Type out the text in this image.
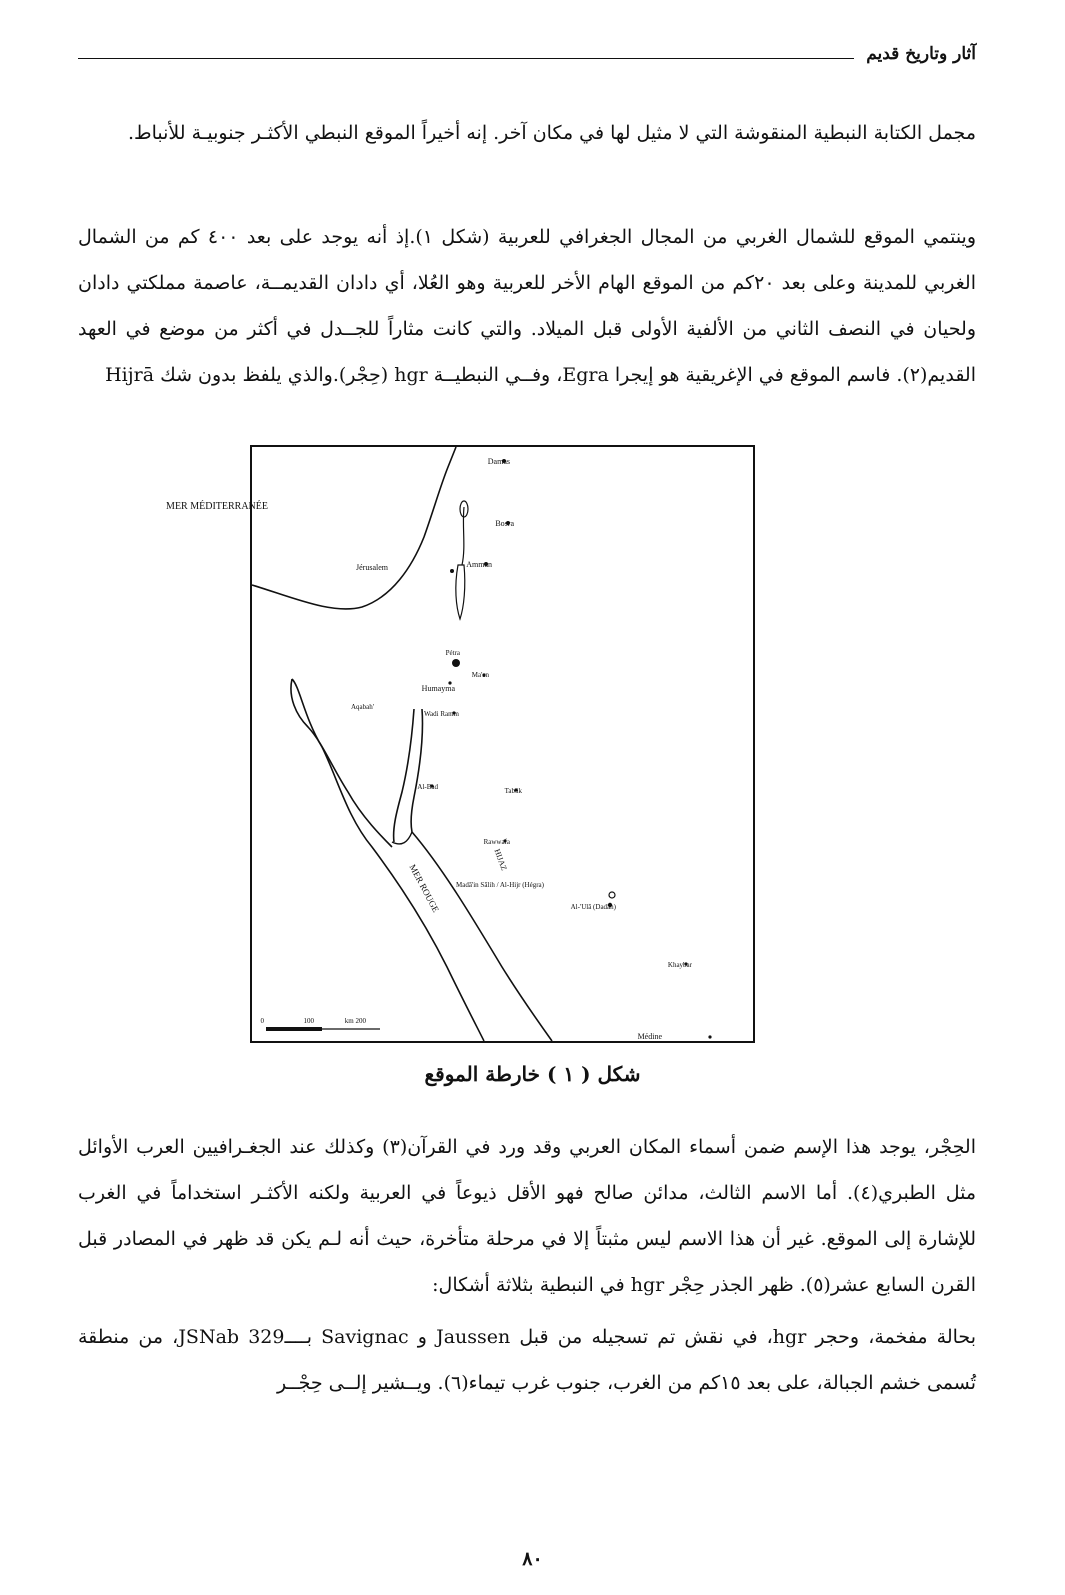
آثار وتاريخ قديم

مجمل الكتابة النبطية المنقوشة التي لا مثيل لها في مكان آخر. إنه أخيراً الموقع النبطي الأكثـر جنوبيـة للأنباط.

وينتمي الموقع للشمال الغربي من المجال الجغرافي للعربية (شكل ١).إذ أنه يوجد على بعد ٤٠٠ كم من الشمال الغربي للمدينة وعلى بعد ٢٠كم من الموقع الهام الأخر للعربية وهو العُلا، أي دادان القديمــة، عاصمة مملكتي دادان ولحيان في النصف الثاني من الألفية الأولى قبل الميلاد. والتي كانت مثاراً للجــدل في أكثر من موضع في العهد القديم(٢). فاسم الموقع في الإغريقية هو إيجرا Egra، وفــي النبطيــة hgr (حِجْر).والذي يلفظ بدون شك Hijrā

Damas
Bosra
Amman
Jérusalem
Pétra
Ma'an
Humayma
'Aqabah
Wadi Ramm
Al-Bad'	Tabūk
Rawwafa
Madā'in Sālih / Al-Hijr (Hégra)
Al-'Ulā (Dadān)
Khaybar
Médine
MER MÉDITERRANÉE
MER ROUGE
HIJAZ
0	100	200 km
شكل ( ١ ) خارطة الموقع

الحِجْر، يوجد هذا الإسم ضمن أسماء المكان العربي وقد ورد في القرآن(٣) وكذلك عند الجغـرافيين العرب الأوائل مثل الطبري(٤). أما الاسم الثالث، مدائن صالح فهو الأقل ذيوعاً في العربية ولكنه الأكثـر استخداماً في الغرب للإشارة إلى الموقع. غير أن هذا الاسم ليس مثبتاً إلا في مرحلة متأخرة، حيث أنه لـم يكن قد ظهر في المصادر قبل القرن السابع عشر(٥). ظهر الجذر حِجْر hgr في النبطية بثلاثة أشكال:

بحالة مفخمة، وحجر hgr، في نقش تم تسجيله من قبل Jaussen و Savignac بــــ329 JSNab، من منطقة تُسمى خشم الجبالة، على بعد ١٥كم من الغرب، جنوب غرب تيماء(٦). ويــشير إلــى حِجْــر

٨٠
